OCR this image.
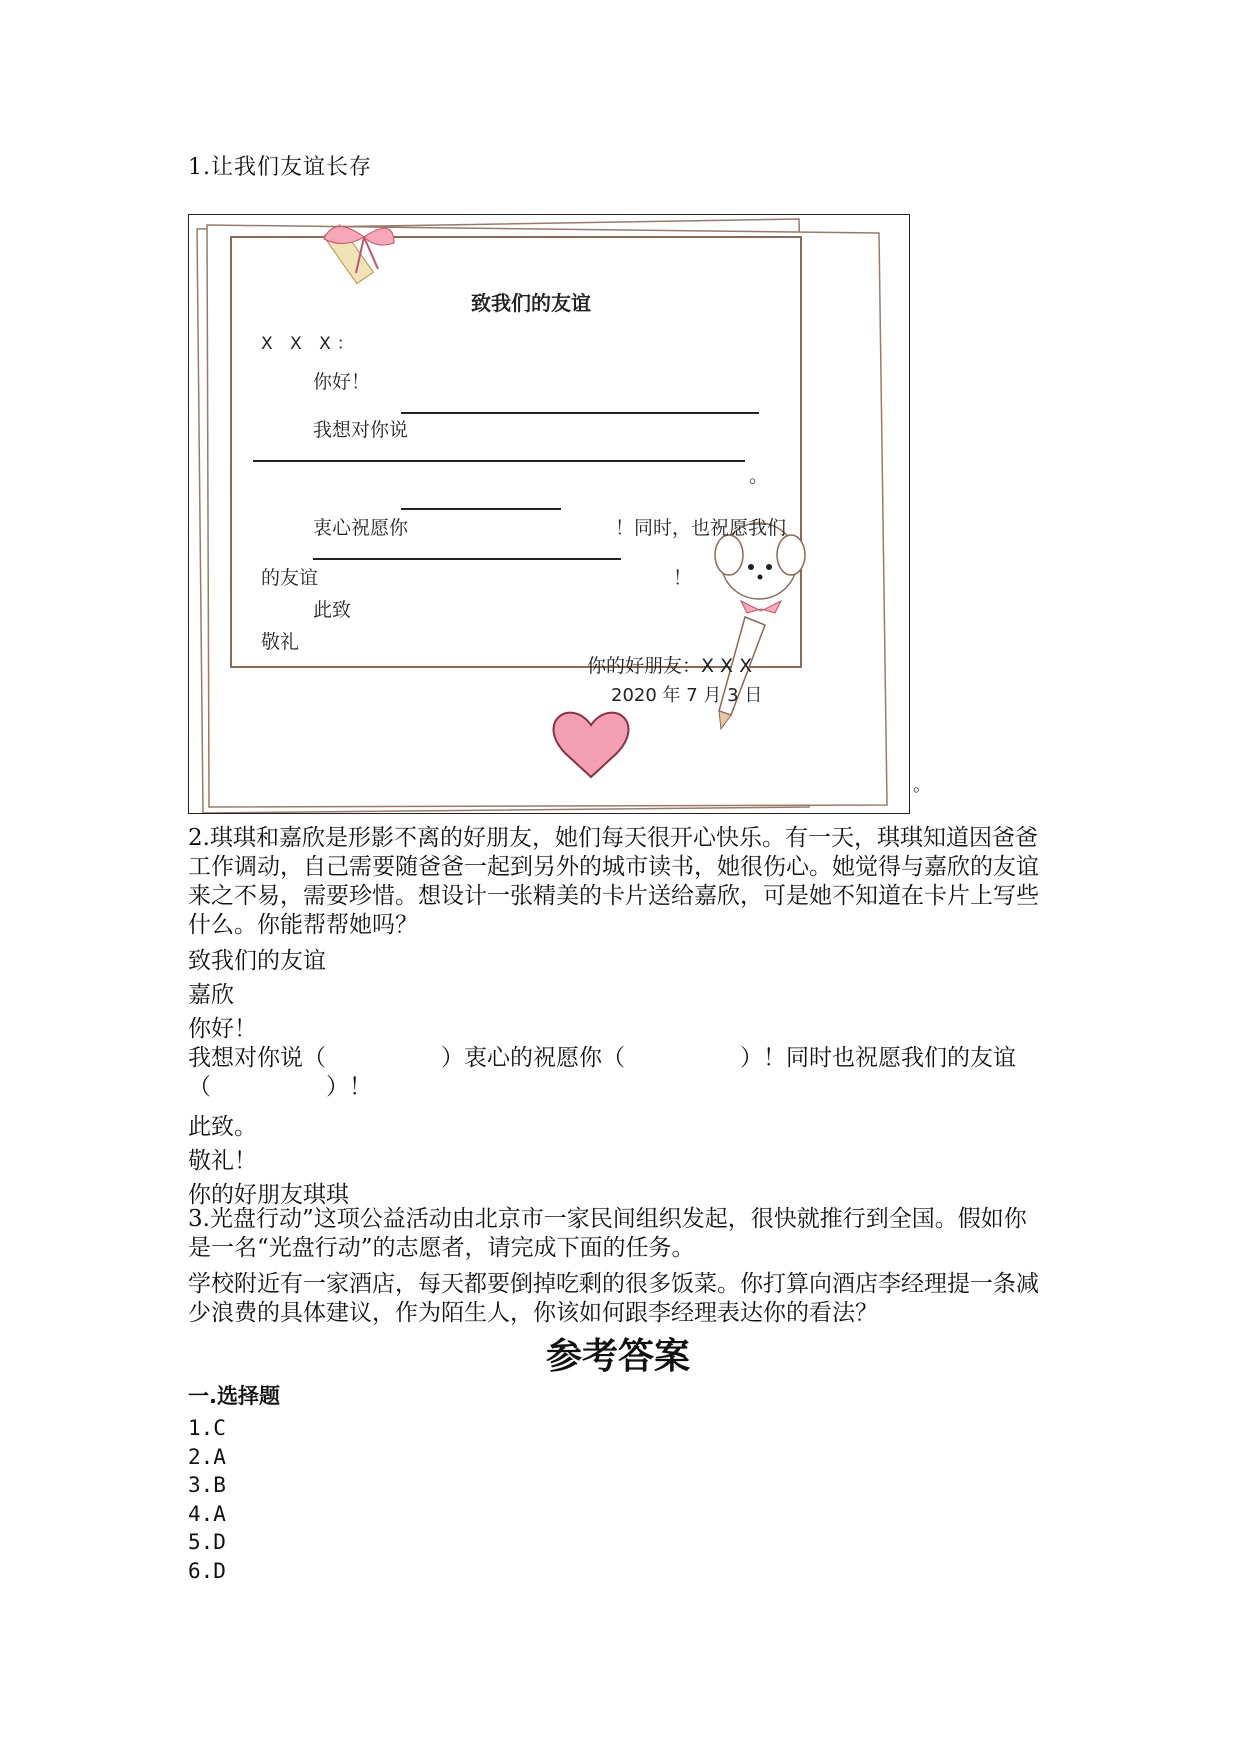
1.让我们友谊长存
致我们的友谊
X X X：
你好！
我想对你说
。
衷心祝愿你	！同时，也祝愿我们
的友谊	！
此致
敬礼
你的好朋友：X X X
2020 年 7 月 3 日
。
2.琪琪和嘉欣是形影不离的好朋友，她们每天很开心快乐。有一天，琪琪知道因爸爸工作调动，自己需要随爸爸一起到另外的城市读书，她很伤心。她觉得与嘉欣的友谊来之不易，需要珍惜。想设计一张精美的卡片送给嘉欣，可是她不知道在卡片上写些什么。你能帮帮她吗？
致我们的友谊
嘉欣
你好！
我想对你说（　　　　　）衷心的祝愿你（　　　　　）！同时也祝愿我们的友谊（　　　　　）！
此致。
敬礼！
你的好朋友琪琪
3.光盘行动”这项公益活动由北京市一家民间组织发起，很快就推行到全国。假如你是一名“光盘行动”的志愿者，请完成下面的任务。
学校附近有一家酒店，每天都要倒掉吃剩的很多饭菜。你打算向酒店李经理提一条减少浪费的具体建议，作为陌生人，你该如何跟李经理表达你的看法？
参考答案
一.选择题
1.C
2.A
3.B
4.A
5.D
6.D
